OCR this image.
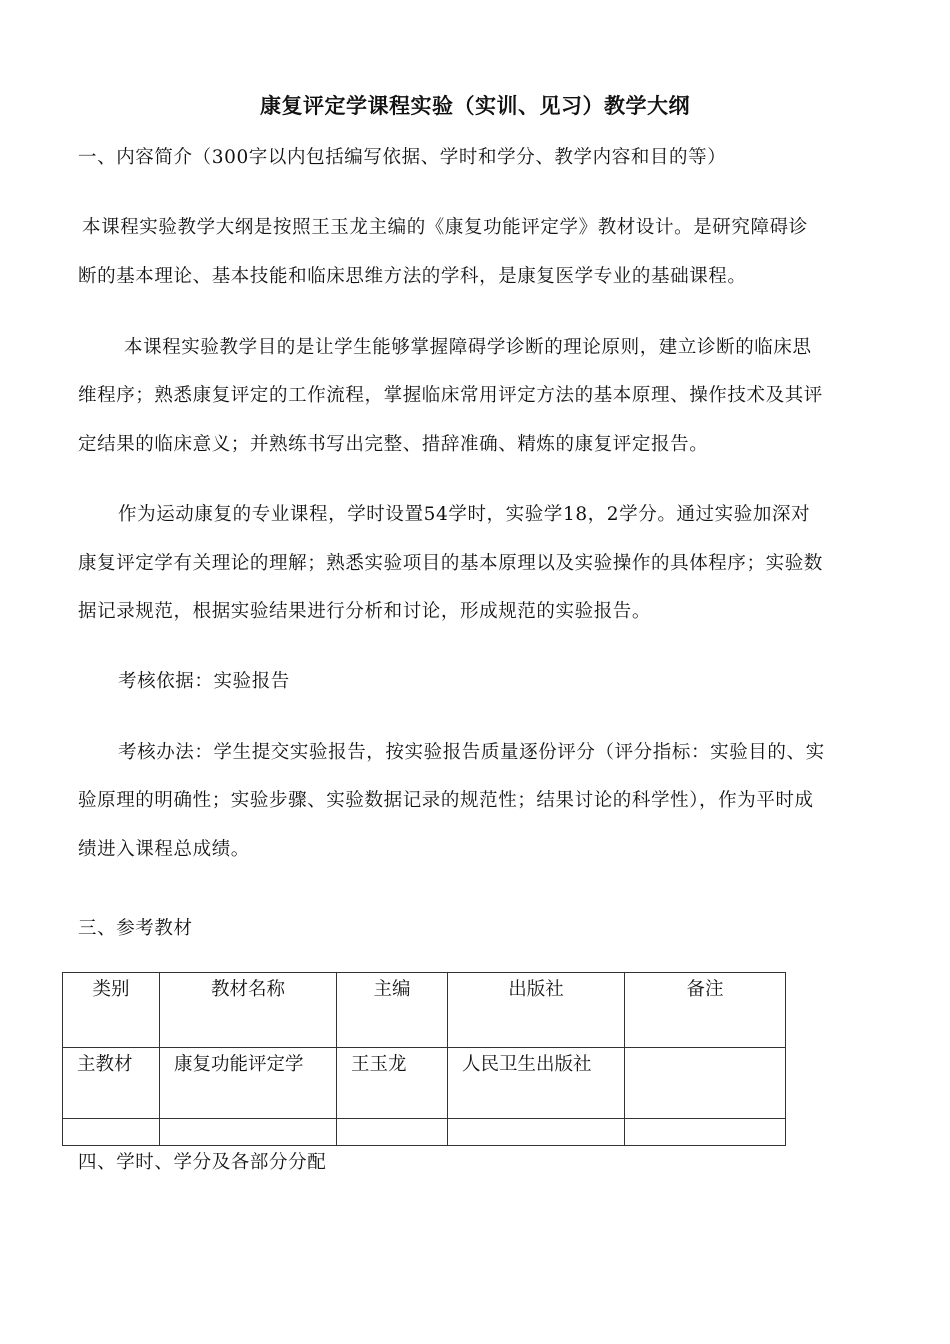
康复评定学课程实验（实训、见习）教学大纲
一、内容简介（300字以内包括编写依据、学时和学分、教学内容和目的等）
本课程实验教学大纲是按照王玉龙主编的《康复功能评定学》教材设计。是研究障碍诊
断的基本理论、基本技能和临床思维方法的学科，是康复医学专业的基础课程。
本课程实验教学目的是让学生能够掌握障碍学诊断的理论原则，建立诊断的临床思
维程序；熟悉康复评定的工作流程，掌握临床常用评定方法的基本原理、操作技术及其评
定结果的临床意义；并熟练书写出完整、措辞准确、精炼的康复评定报告。
作为运动康复的专业课程，学时设置54学时，实验学18，2学分。通过实验加深对
康复评定学有关理论的理解；熟悉实验项目的基本原理以及实验操作的具体程序；实验数
据记录规范，根据实验结果进行分析和讨论，形成规范的实验报告。
考核依据：实验报告
考核办法：学生提交实验报告，按实验报告质量逐份评分（评分指标：实验目的、实
验原理的明确性；实验步骤、实验数据记录的规范性；结果讨论的科学性），作为平时成
绩进入课程总成绩。
三、参考教材
类别	教材名称	主编	出版社	备注
主教材	康复功能评定学	王玉龙	人民卫生出版社	

四、学时、学分及各部分分配
